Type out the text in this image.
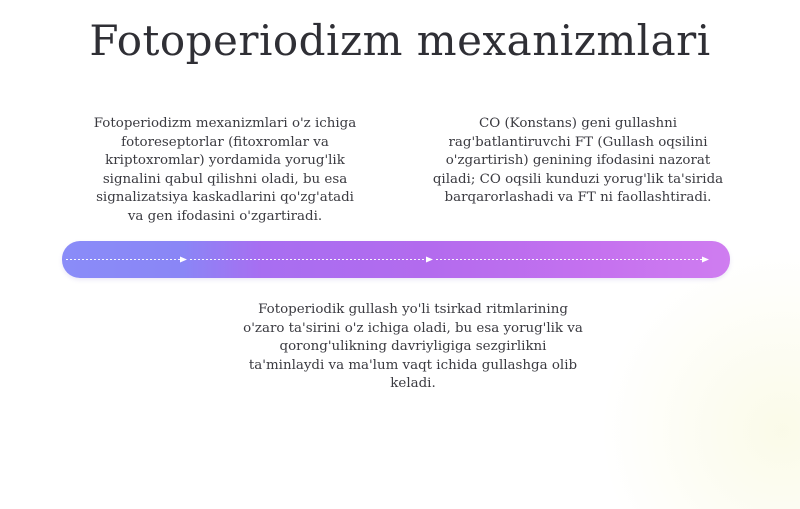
Fotoperiodizm mexanizmlari
Fotoperiodizm mexanizmlari o'z ichiga
fotoreseptorlar (fitoxromlar va
kriptoxromlar) yordamida yorug'lik
signalini qabul qilishni oladi, bu esa
signalizatsiya kaskadlarini qo'zg'atadi
va gen ifodasini o'zgartiradi.
CO (Konstans) geni gullashni
rag'batlantiruvchi FT (Gullash oqsilini
o'zgartirish) genining ifodasini nazorat
qiladi; CO oqsili kunduzi yorug'lik ta'sirida
barqarorlashadi va FT ni faollashtiradi.
Fotoperiodik gullash yo'li tsirkad ritmlarining
o'zaro ta'sirini o'z ichiga oladi, bu esa yorug'lik va
qorong'ulikning davriyligiga sezgirlikni
ta'minlaydi va ma'lum vaqt ichida gullashga olib
keladi.
